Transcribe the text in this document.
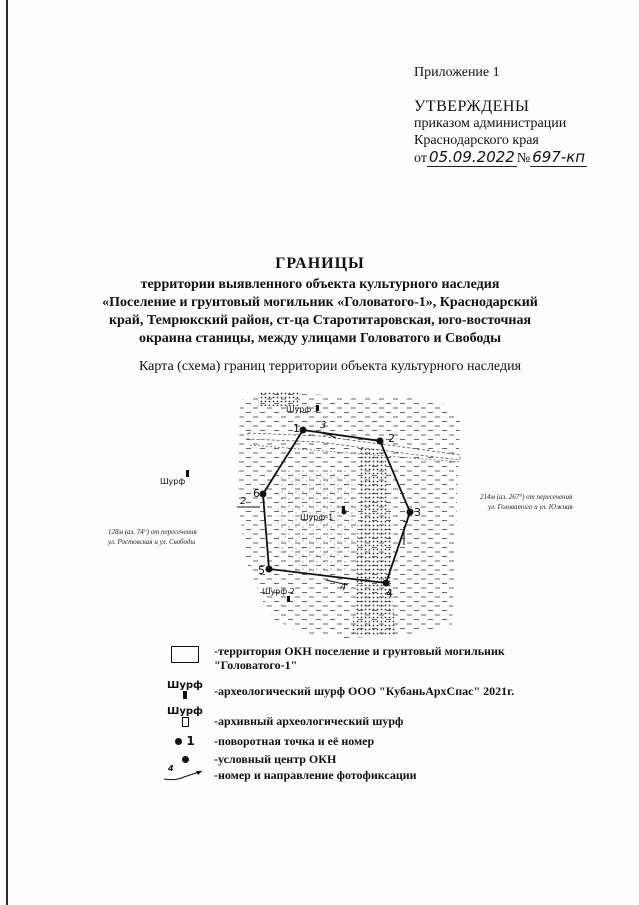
Приложение 1
УТВЕРЖДЕНЫ
приказом администрации
Краснодарского края
от 05.09.2022 № 697-кп
ГРАНИЦЫ
территории выявленного объекта культурного наследия
«Поселение и грунтовый могильник «Головатого-1», Краснодарский
край, Темрюкский район, ст-ца Старотитаровская, юго-восточная
окраина станицы, между улицами Головатого и Свободы
Карта (схема) границ территории объекта культурного наследия
1
2
3
4
5
6
Шурф 3
Шурф-1
Шурф 2
Шурф
2
3
7
4
214м (аз. 267°) от пересечения
ул. Головатого и ул. Южная
128м (аз. 74°) от пересечения
ул. Ростовская и ул. Свободы
-территория ОКН поселение и грунтовый могильник
"Головатого-1"
Шурф -археологический шурф ООО "КубаньАрхСпас" 2021г.
Шурф
-архивный археологический шурф
1	-поворотная точка и её номер
-условный центр ОКН
4	-номер и направление фотофиксации
